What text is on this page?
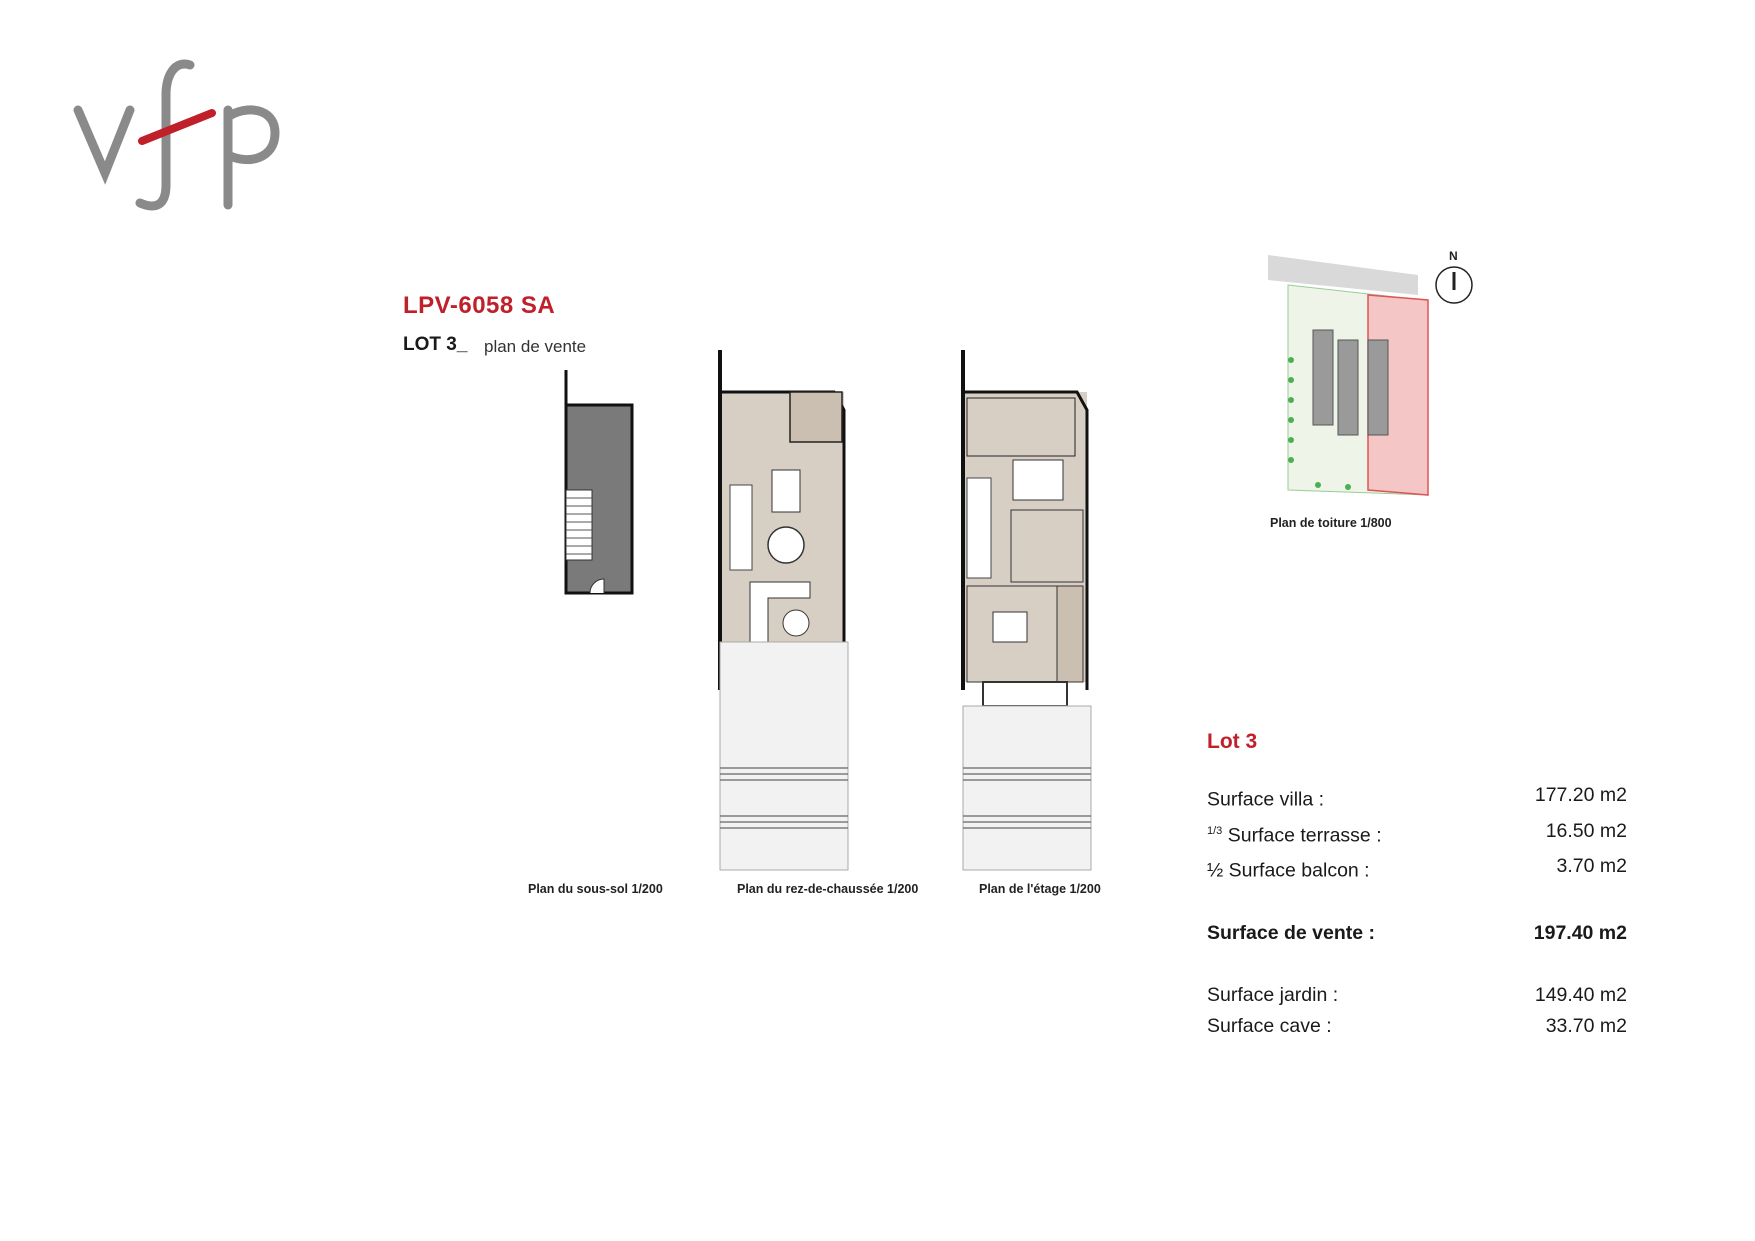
LPV-6058 SA
LOT 3_ plan de vente
N
Plan du sous-sol 1/200	Plan du rez-de-chaussée 1/200	Plan de l'étage 1/200
Plan de toiture 1/800
Lot 3
Surface villa :	177.20 m2
$^{1/3}$ Surface terrasse :	16.50 m2
½ Surface balcon :	3.70 m2
Surface de vente :	197.40 m2
Surface jardin :	149.40 m2
Surface cave :	33.70 m2
